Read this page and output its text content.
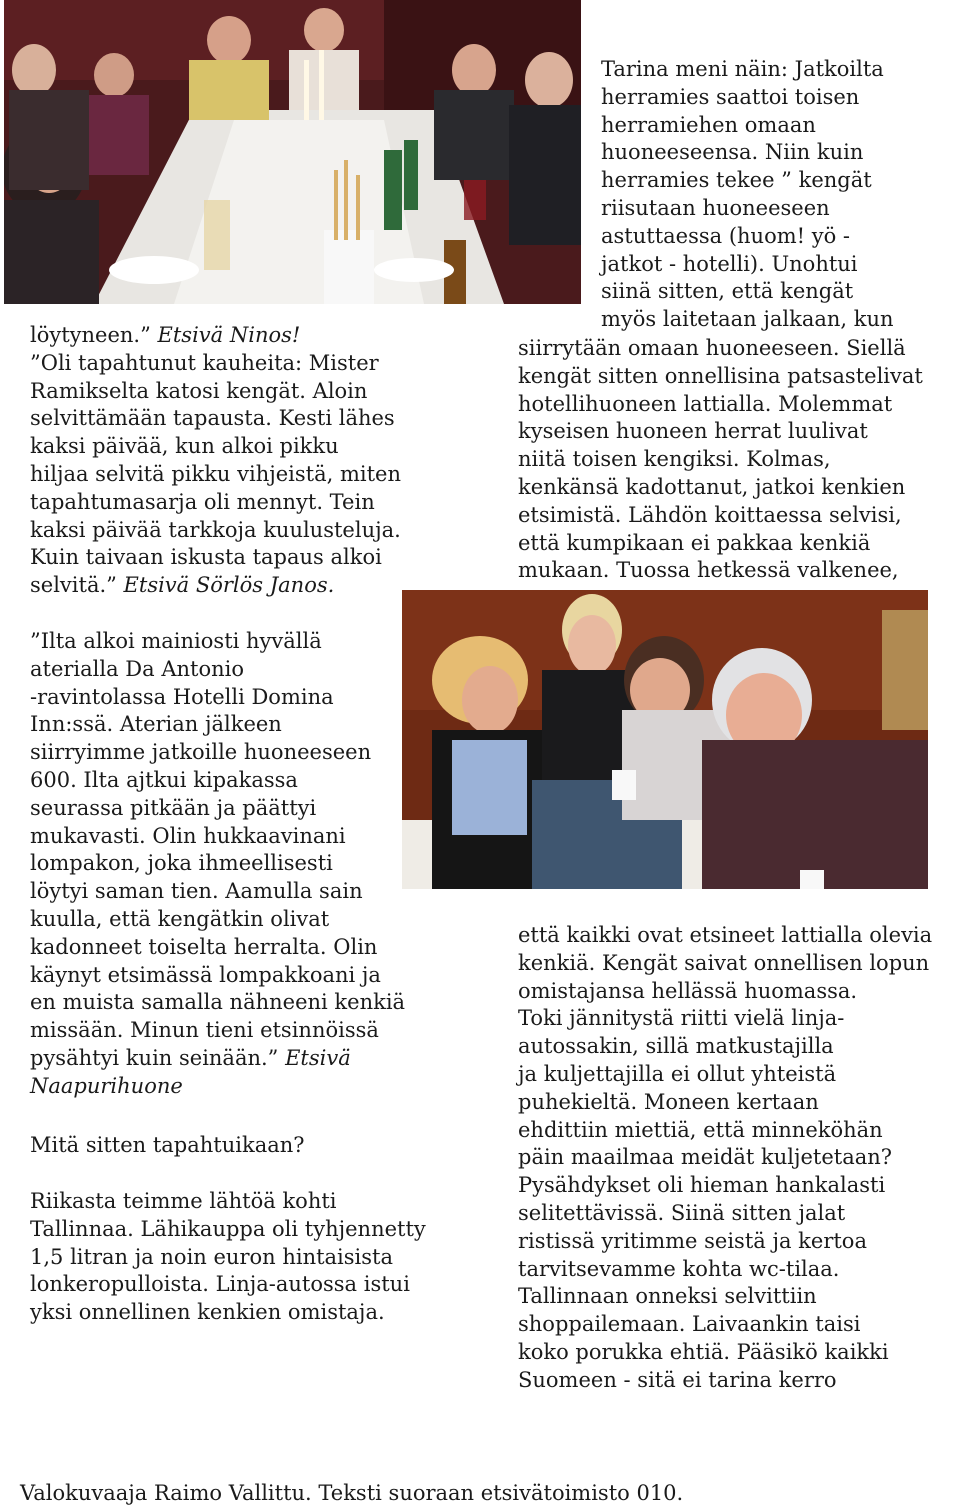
Tarina meni näin: Jatkoilta
herramies saattoi toisen
herramiehen omaan
huoneeseensa. Niin kuin
herramies tekee ” kengät
riisutaan huoneeseen
astuttaessa (huom! yö -
jatkot - hotelli). Unohtui
siinä sitten, että kengät
myös laitetaan jalkaan, kun
siirrytään omaan huoneeseen. Siellä
kengät sitten onnellisina patsastelivat
hotellihuoneen lattialla. Molemmat
kyseisen huoneen herrat luulivat
niitä toisen kengiksi. Kolmas,
kenkänsä kadottanut, jatkoi kenkien
etsimistä. Lähdön koittaessa selvisi,
että kumpikaan ei pakkaa kenkiä
mukaan. Tuossa hetkessä valkenee,
löytyneen.” Etsivä Ninos!
”Oli tapahtunut kauheita: Mister
Ramikselta katosi kengät. Aloin
selvittämään tapausta. Kesti lähes
kaksi päivää, kun alkoi pikku
hiljaa selvitä pikku vihjeistä, miten
tapahtumasarja oli mennyt. Tein
kaksi päivää tarkkoja kuulusteluja.
Kuin taivaan iskusta tapaus alkoi
selvitä.” Etsivä Sörlös Janos.
”Ilta alkoi mainiosti hyvällä
aterialla Da Antonio
-ravintolassa Hotelli Domina
Inn:ssä. Aterian jälkeen
siirryimme jatkoille huoneeseen
600. Ilta ajtkui kipakassa
seurassa pitkään ja päättyi
mukavasti. Olin hukkaavinani
lompakon, joka ihmeellisesti
löytyi saman tien. Aamulla sain
kuulla, että kengätkin olivat
kadonneet toiselta herralta. Olin
käynyt etsimässä lompakkoani ja
en muista samalla nähneeni kenkiä
missään. Minun tieni etsinnöissä
pysähtyi kuin seinään.” Etsivä
Naapurihuone
Mitä sitten tapahtuikaan?
Riikasta teimme lähtöä kohti
Tallinnaa. Lähikauppa oli tyhjennetty
1,5 litran ja noin euron hintaisista
lonkeropulloista. Linja-autossa istui
yksi onnellinen kenkien omistaja.
että kaikki ovat etsineet lattialla olevia
kenkiä. Kengät saivat onnellisen lopun
omistajansa hellässä huomassa.
Toki jännitystä riitti vielä linja-
autossakin, sillä matkustajilla
ja kuljettajilla ei ollut yhteistä
puhekieltä. Moneen kertaan
ehdittiin miettiä, että minneköhän
päin maailmaa meidät kuljetetaan?
Pysähdykset oli hieman hankalasti
selitettävissä. Siinä sitten jalat
ristissä yritimme seistä ja kertoa
tarvitsevamme kohta wc-tilaa.
Tallinnaan onneksi selvittiin
shoppailemaan. Laivaankin taisi
koko porukka ehtiä. Pääsikö kaikki
Suomeen - sitä ei tarina kerro
Valokuvaaja Raimo Vallittu. Teksti suoraan etsivätoimisto 010.
